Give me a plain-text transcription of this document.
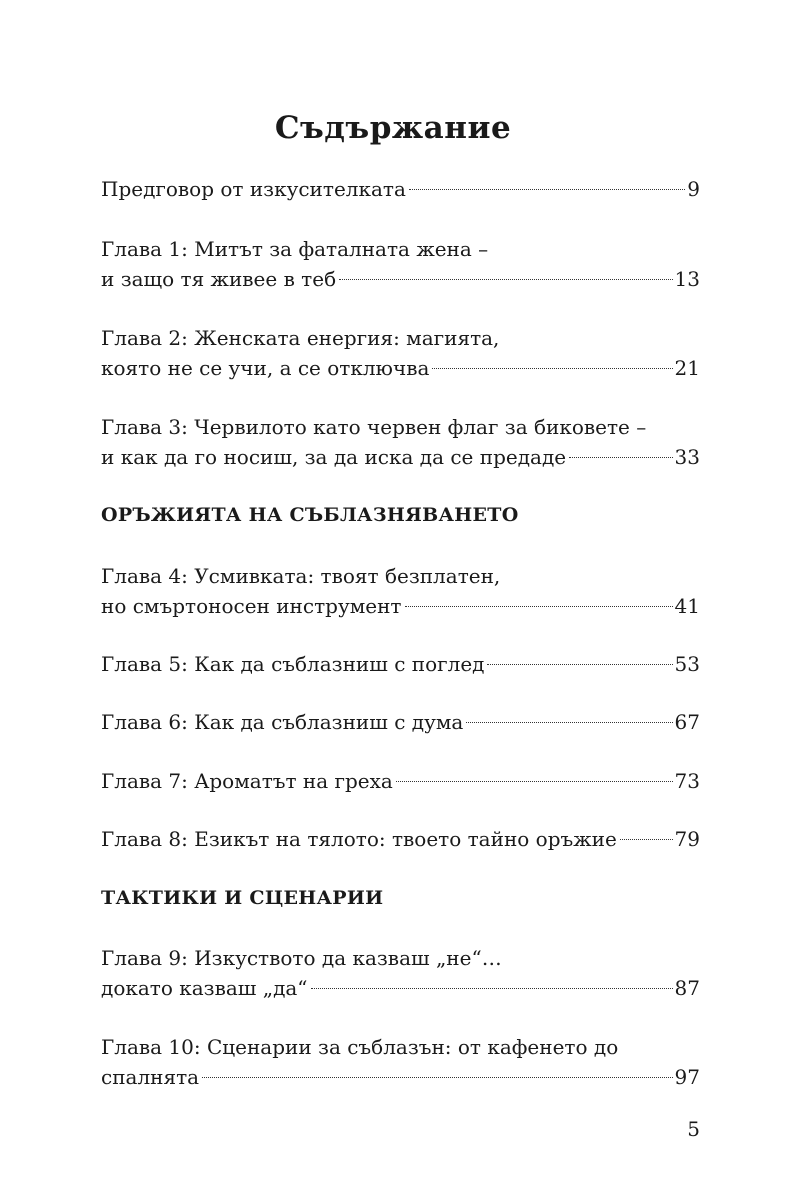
Съдържание
Предговор от изкуситeлката	9
Глава 1: Митът за фаталната жена –
и защо тя живее в теб	13
Глава 2: Женската енергия: магията,
която не се учи, а се отключва	21
Глава 3: Червилото като червен флаг за биковете –
и как да го носиш, за да иска да се предаде	33
ОРЪЖИЯТА НА СЪБЛАЗНЯВАНЕТО
Глава 4: Усмивката: твоят безплатен,
но смъртоносен инструмент	41
Глава 5: Как да съблазниш с поглед	53
Глава 6: Как да съблазниш с дума	67
Глава 7: Ароматът на греха	73
Глава 8: Езикът на тялото: твоето тайно оръжие	79
ТАКТИКИ И СЦЕНАРИИ
Глава 9: Изкуството да казваш „не“…
докато казваш „да“	87
Глава 10: Сценарии за съблазън: от кафенето до
спалнята	97
5
